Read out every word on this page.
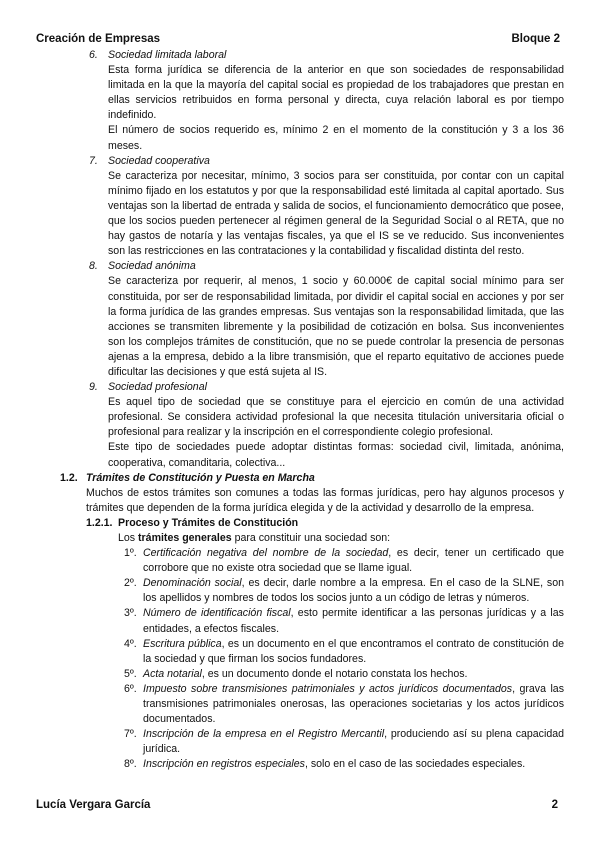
Creación de Empresas	Bloque 2
6. Sociedad limitada laboral
Esta forma jurídica se diferencia de la anterior en que son sociedades de responsabilidad limitada en la que la mayoría del capital social es propiedad de los trabajadores que prestan en ellas servicios retribuidos en forma personal y directa, cuya relación laboral es por tiempo indefinido.
El número de socios requerido es, mínimo 2 en el momento de la constitución y 3 a los 36 meses.
7. Sociedad cooperativa
Se caracteriza por necesitar, mínimo, 3 socios para ser constituida, por contar con un capital mínimo fijado en los estatutos y por que la responsabilidad esté limitada al capital aportado. Sus ventajas son la libertad de entrada y salida de socios, el funcionamiento democrático que posee, que los socios pueden pertenecer al régimen general de la Seguridad Social o al RETA, que no hay gastos de notaría y las ventajas fiscales, ya que el IS se ve reducido. Sus inconvenientes son las restricciones en las contrataciones y la contabilidad y fiscalidad distinta del resto.
8. Sociedad anónima
Se caracteriza por requerir, al menos, 1 socio y 60.000€ de capital social mínimo para ser constituida, por ser de responsabilidad limitada, por dividir el capital social en acciones y por ser la forma jurídica de las grandes empresas. Sus ventajas son la responsabilidad limitada, que las acciones se transmiten libremente y la posibilidad de cotización en bolsa. Sus inconvenientes son los complejos trámites de constitución, que no se puede controlar la presencia de personas ajenas a la empresa, debido a la libre transmisión, que el reparto equitativo de acciones puede dificultar las decisiones y que está sujeta al IS.
9. Sociedad profesional
Es aquel tipo de sociedad que se constituye para el ejercicio en común de una actividad profesional. Se considera actividad profesional la que necesita titulación universitaria oficial o profesional para realizar y la inscripción en el correspondiente colegio profesional.
Este tipo de sociedades puede adoptar distintas formas: sociedad civil, limitada, anónima, cooperativa, comanditaria, colectiva...
1.2. Trámites de Constitución y Puesta en Marcha
Muchos de estos trámites son comunes a todas las formas jurídicas, pero hay algunos procesos y trámites que dependen de la forma jurídica elegida y de la actividad y desarrollo de la empresa.
1.2.1. Proceso y Trámites de Constitución
Los trámites generales para constituir una sociedad son:
1º. Certificación negativa del nombre de la sociedad, es decir, tener un certificado que corrobore que no existe otra sociedad que se llame igual.
2º. Denominación social, es decir, darle nombre a la empresa. En el caso de la SLNE, son los apellidos y nombres de todos los socios junto a un código de letras y números.
3º. Número de identificación fiscal, esto permite identificar a las personas jurídicas y a las entidades, a efectos fiscales.
4º. Escritura pública, es un documento en el que encontramos el contrato de constitución de la sociedad y que firman los socios fundadores.
5º. Acta notarial, es un documento donde el notario constata los hechos.
6º. Impuesto sobre transmisiones patrimoniales y actos jurídicos documentados, grava las transmisiones patrimoniales onerosas, las operaciones societarias y los actos jurídicos documentados.
7º. Inscripción de la empresa en el Registro Mercantil, produciendo así su plena capacidad jurídica.
8º. Inscripción en registros especiales, solo en el caso de las sociedades especiales.
Lucía Vergara García	2
